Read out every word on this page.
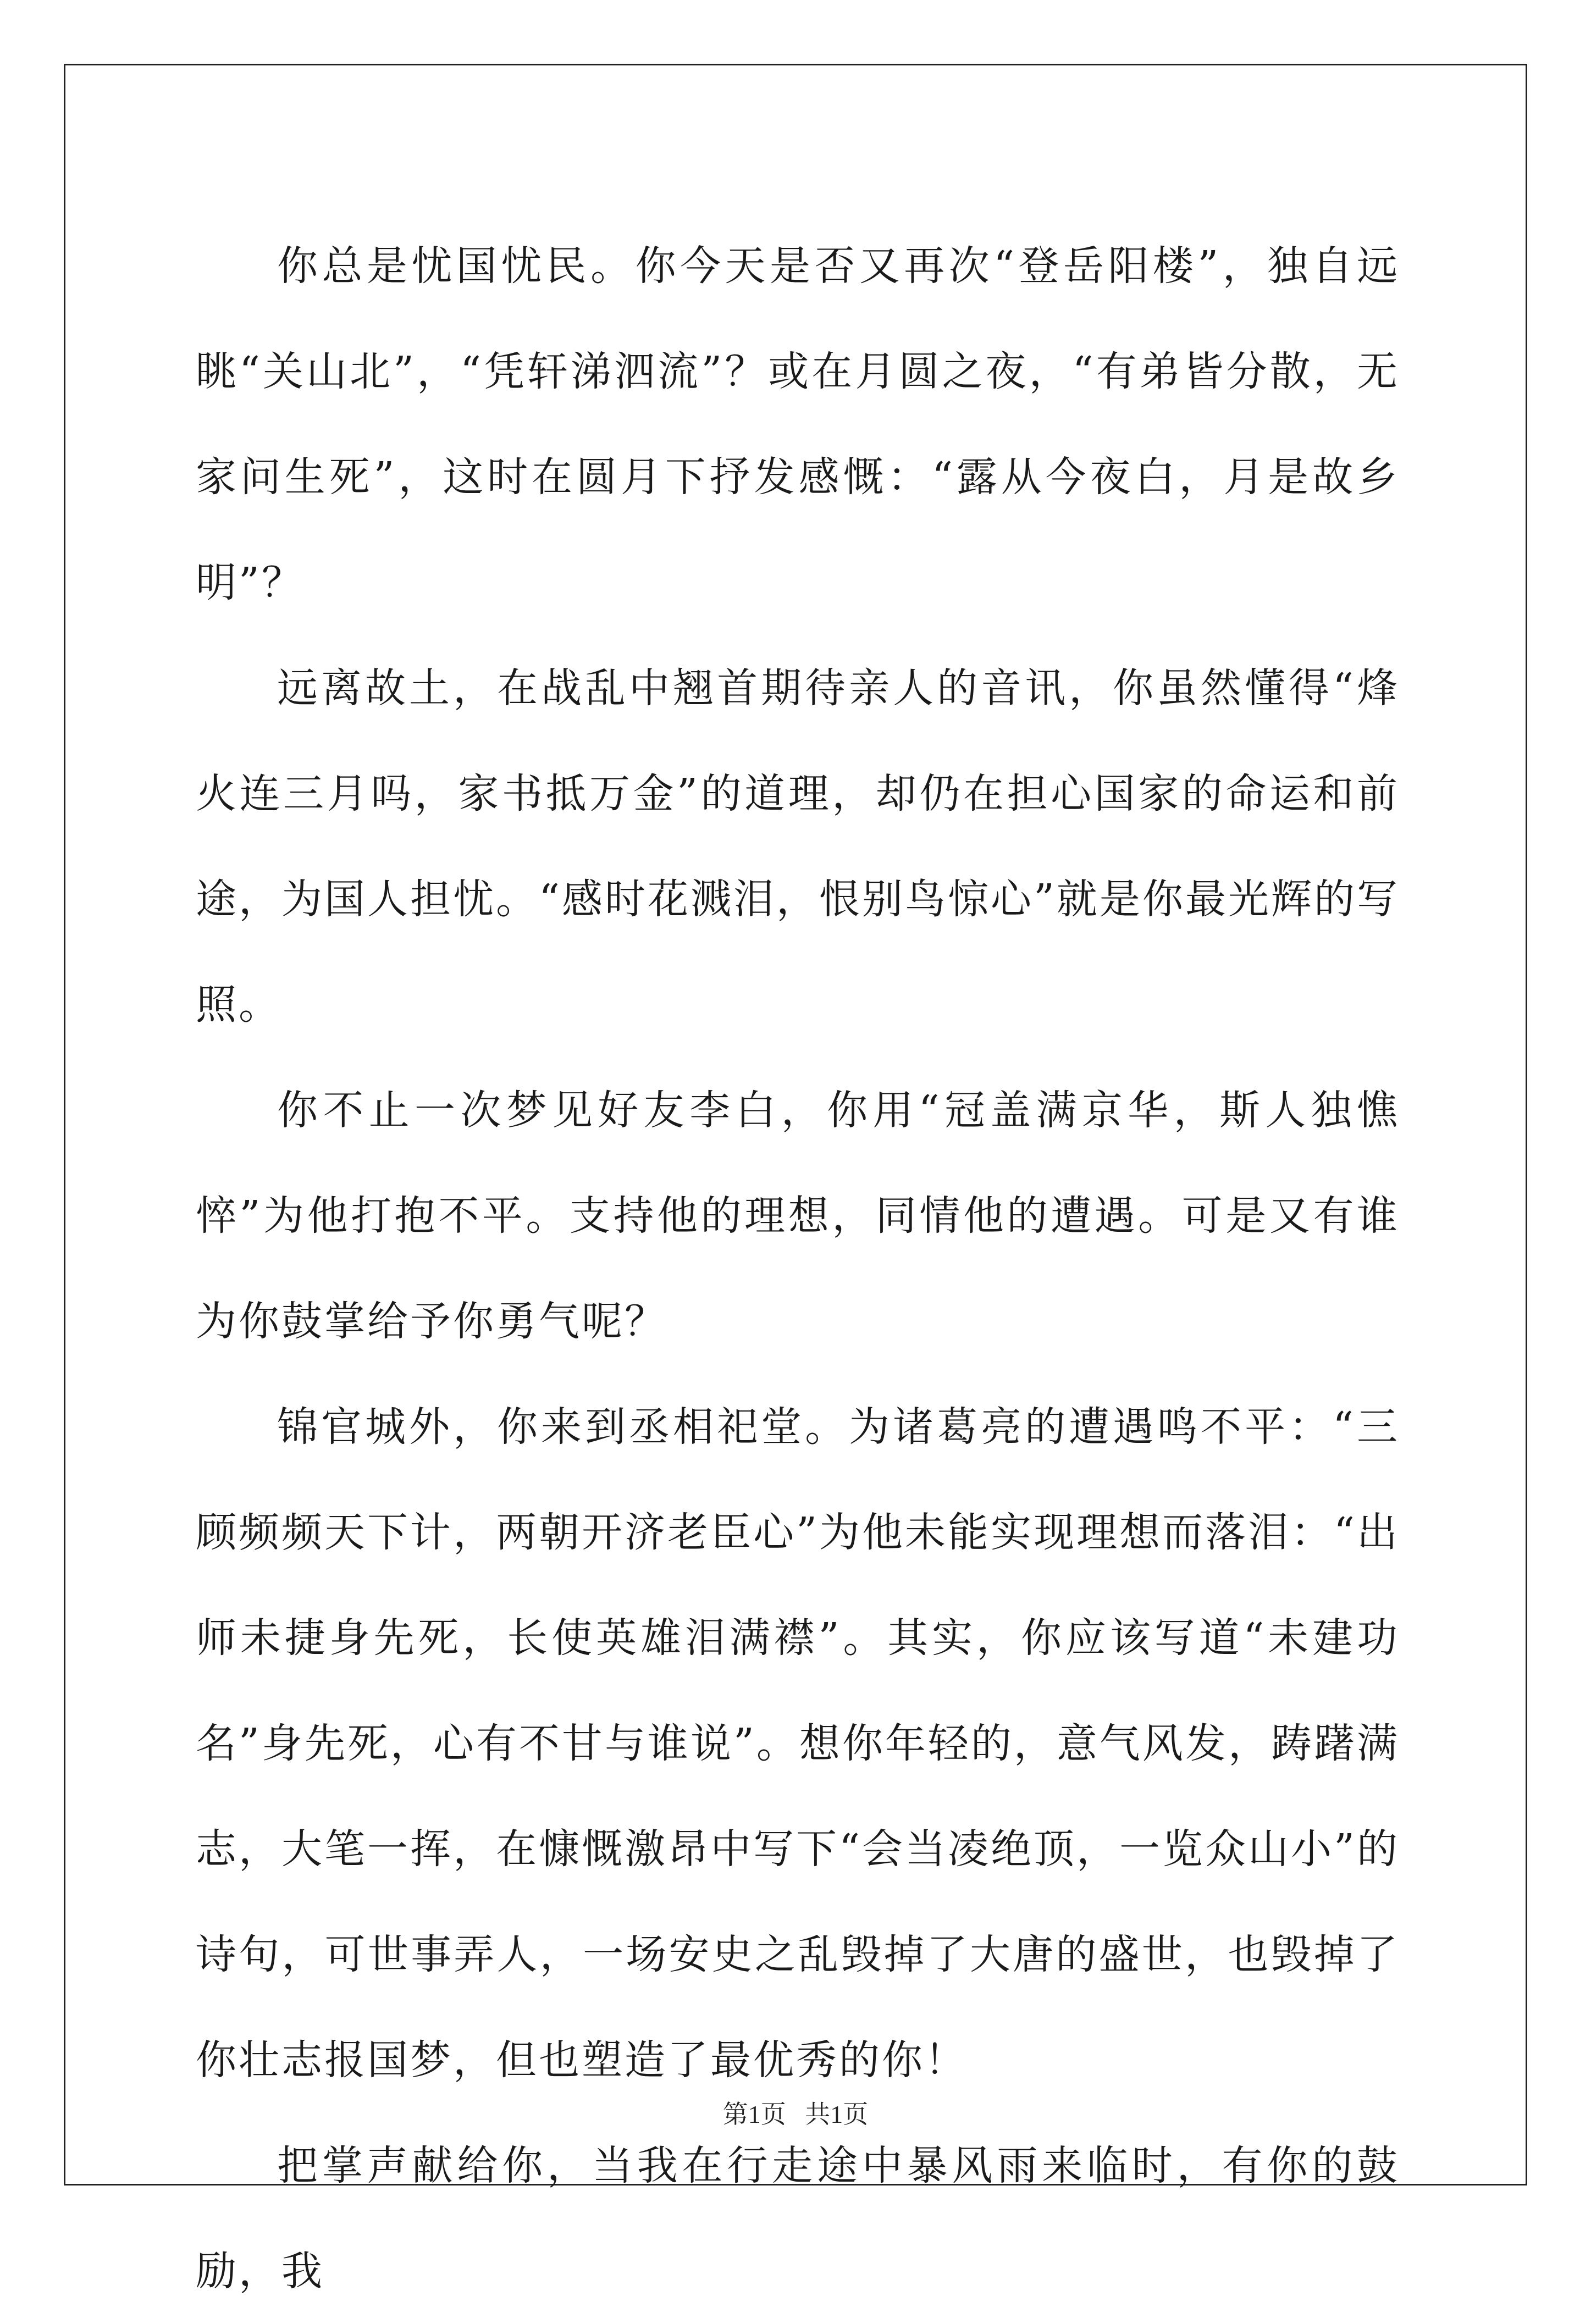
你总是忧国忧民。你今天是否又再次“登岳阳楼”，独自远眺“关山北”，“凭轩涕泗流”？或在月圆之夜，“有弟皆分散，无家问生死”，这时在圆月下抒发感慨：“露从今夜白，月是故乡明”？

远离故土，在战乱中翘首期待亲人的音讯，你虽然懂得“烽火连三月吗，家书抵万金”的道理，却仍在担心国家的命运和前途，为国人担忧。“感时花溅泪，恨别鸟惊心”就是你最光辉的写照。

你不止一次梦见好友李白，你用“冠盖满京华，斯人独憔悴”为他打抱不平。支持他的理想，同情他的遭遇。可是又有谁为你鼓掌给予你勇气呢？

锦官城外，你来到丞相祀堂。为诸葛亮的遭遇鸣不平：“三顾频频天下计，两朝开济老臣心”为他未能实现理想而落泪：“出师未捷身先死，长使英雄泪满襟”。其实，你应该写道“未建功名”身先死，心有不甘与谁说”。想你年轻的，意气风发，踌躇满志，大笔一挥，在慷慨激昂中写下“会当凌绝顶，一览众山小”的诗句，可世事弄人，一场安史之乱毁掉了大唐的盛世，也毁掉了你壮志报国梦，但也塑造了最优秀的你！

把掌声献给你，当我在行走途中暴风雨来临时，有你的鼓励，我

第1页 共1页
